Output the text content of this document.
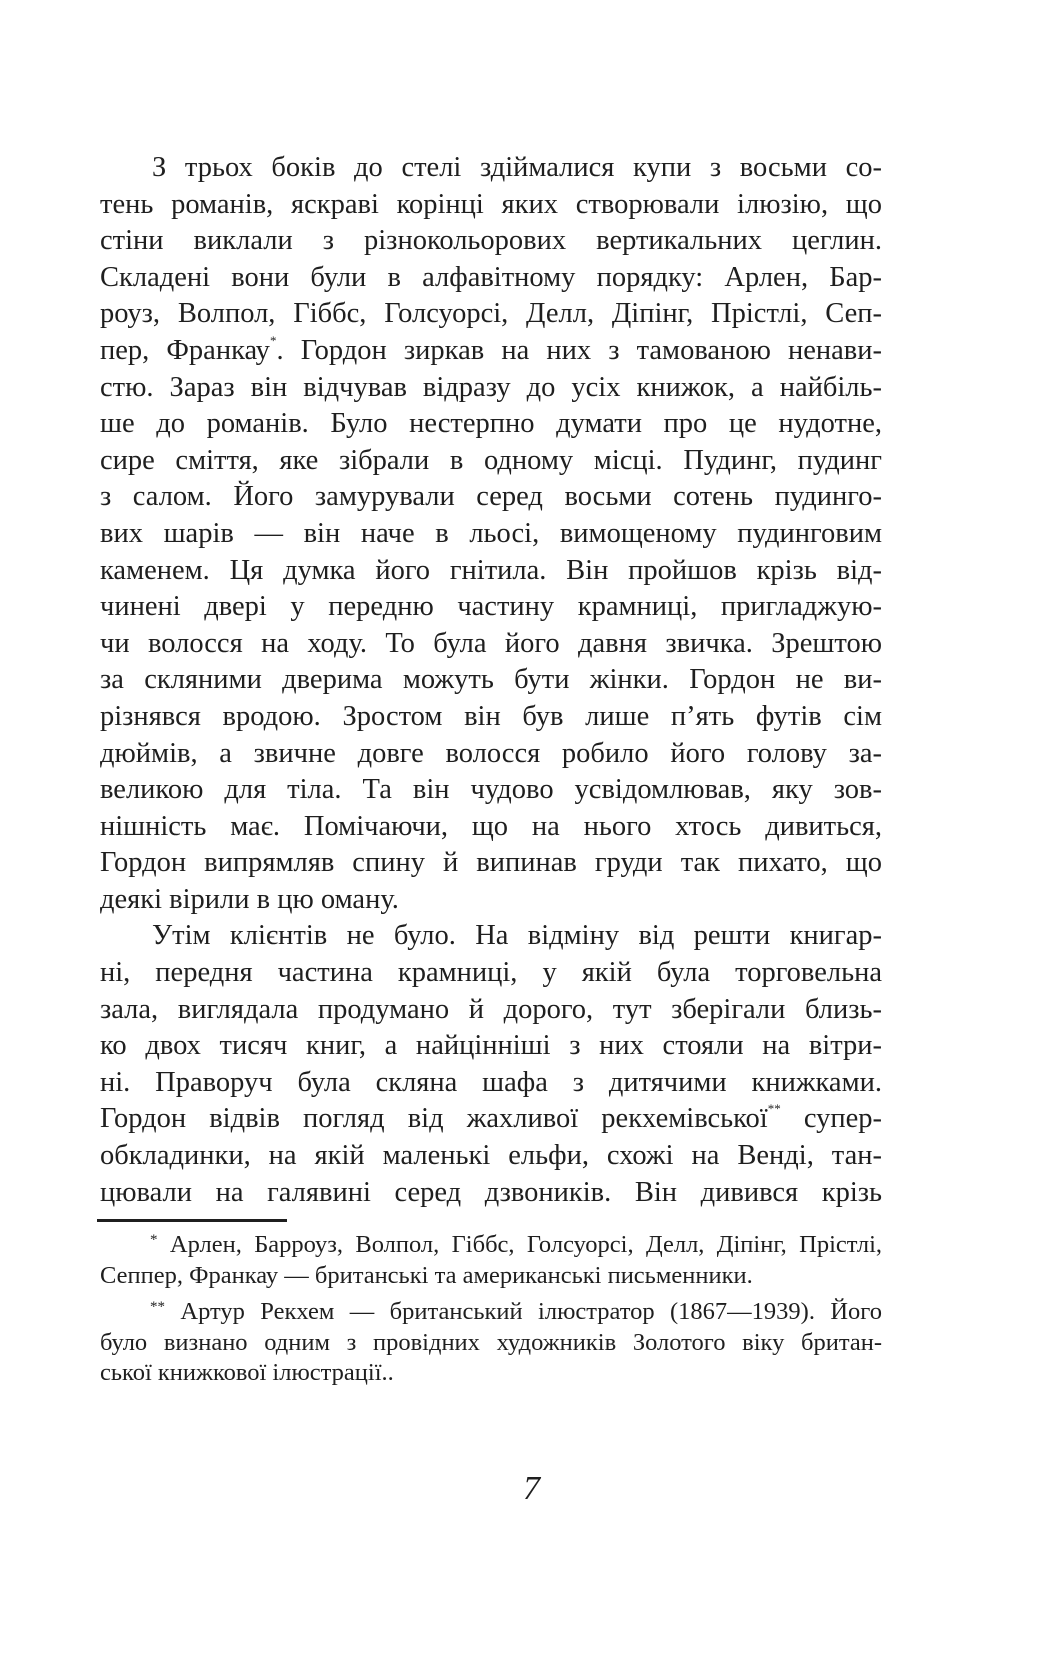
З трьох боків до стелі здіймалися купи з восьми со-
тень романів, яскраві корінці яких створювали ілюзію, що
стіни виклали з різнокольорових вертикальних цеглин.
Складені вони були в алфавітному порядку: Арлен, Бар-
роуз, Волпол, Гіббс, Голсуорсі, Делл, Діпінг, Прістлі, Сеп-
пер, Франкау*. Гордон зиркав на них з тамованою ненави-
стю. Зараз він відчував відразу до усіх книжок, а найбіль-
ше до романів. Було нестерпно думати про це нудотне,
сире сміття, яке зібрали в одному місці. Пудинг, пудинг
з салом. Його замурували серед восьми сотень пудинго-
вих шарів — він наче в льосі, вимощеному пудинговим
каменем. Ця думка його гнітила. Він пройшов крізь від-
чинені двері у передню частину крамниці, пригладжую-
чи волосся на ходу. То була його давня звичка. Зрештою
за скляними дверима можуть бути жінки. Гордон не ви-
різнявся вродою. Зростом він був лише п’ять футів сім
дюймів, а звичне довге волосся робило його голову за-
великою для тіла. Та він чудово усвідомлював, яку зов-
нішність має. Помічаючи, що на нього хтось дивиться,
Гордон випрямляв спину й випинав груди так пихато, що
деякі вірили в цю оману.
Утім клієнтів не було. На відміну від решти книгар-
ні, передня частина крамниці, у якій була торговельна
зала, виглядала продумано й дорого, тут зберігали близь-
ко двох тисяч книг, а найцінніші з них стояли на вітри-
ні. Праворуч була скляна шафа з дитячими книжками.
Гордон відвів погляд від жахливої рекхемівської** супер-
обкладинки, на якій маленькі ельфи, схожі на Венді, тан-
цювали на галявині серед дзвоників. Він дивився крізь
* Арлен, Барроуз, Волпол, Гіббс, Голсуорсі, Делл, Діпінг, Прістлі,
Сеппер, Франкау — британські та американські письменники.
** Артур Рекхем — британський ілюстратор (1867—1939). Його
було визнано одним з провідних художників Золотого віку британ-
ської книжкової ілюстрації..
7
